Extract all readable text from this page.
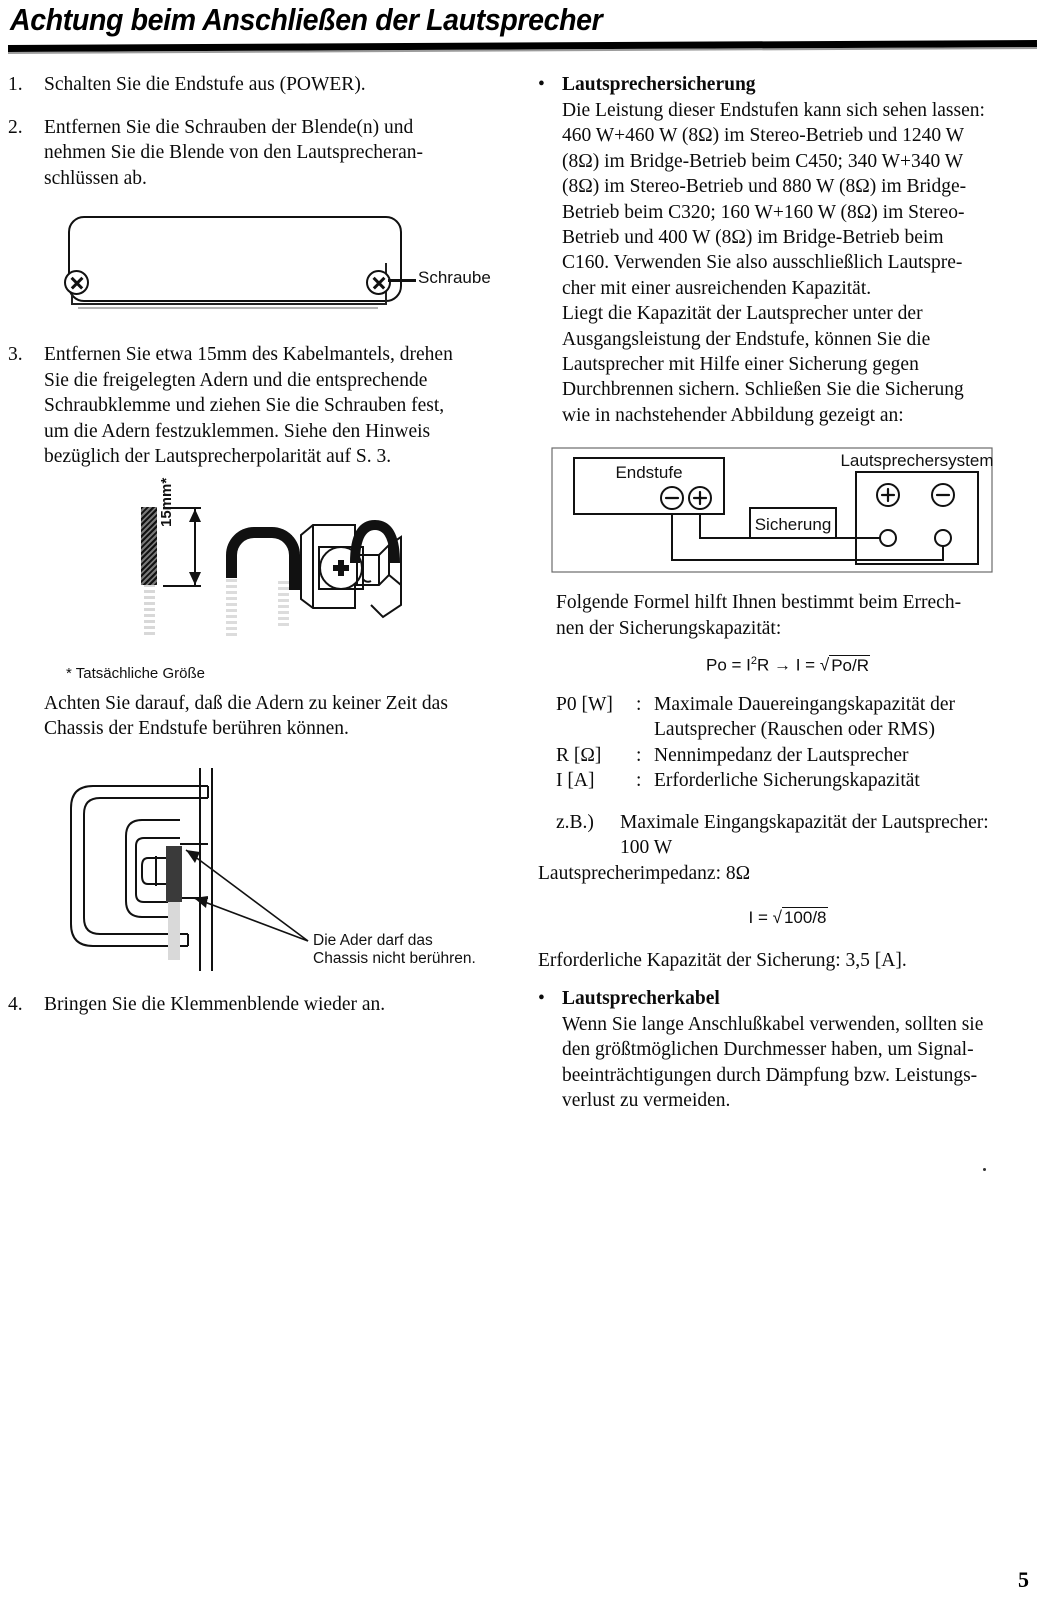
Achtung beim Anschließen der Lautsprecher
1.	Schalten Sie die Endstufe aus (POWER).
2.	Entfernen Sie die Schrauben der Blende(n) und
nehmen Sie die Blende von den Lautsprecheran-
schlüssen ab.
Schraube
3.	Entfernen Sie etwa 15mm des Kabelmantels, drehen
Sie die freigelegten Adern und die entsprechende
Schraubklemme und ziehen Sie die Schrauben fest,
um die Adern festzuklemmen. Siehe den Hinweis
bezüglich der Lautsprecherpolarität auf S. 3.
15mm*
* Tatsächliche Größe
Achten Sie darauf, daß die Adern zu keiner Zeit das
Chassis der Endstufe berühren können.
Die Ader darf das
Chassis nicht berühren.
4.	Bringen Sie die Klemmenblende wieder an.
• Lautsprechersicherung
Die Leistung dieser Endstufen kann sich sehen lassen:
460 W+460 W (8Ω) im Stereo-Betrieb und 1240 W
(8Ω) im Bridge-Betrieb beim C450; 340 W+340 W
(8Ω) im Stereo-Betrieb und 880 W (8Ω) im Bridge-
Betrieb beim C320; 160 W+160 W (8Ω) im Stereo-
Betrieb und 400 W (8Ω) im Bridge-Betrieb beim
C160. Verwenden Sie also ausschließlich Lautspre-
cher mit einer ausreichenden Kapazität.
Liegt die Kapazität der Lautsprecher unter der
Ausgangsleistung der Endstufe, können Sie die
Lautsprecher mit Hilfe einer Sicherung gegen
Durchbrennen sichern. Schließen Sie die Sicherung
wie in nachstehender Abbildung gezeigt an:
Endstufe
Sicherung
Lautsprechersystem
Folgende Formel hilft Ihnen bestimmt beim Errech-
nen der Sicherungskapazität:
$Po = I^2R \to I$ = √ Po/R
P0 [W]	: Maximale Dauereingangskapazität der
Lautsprecher (Rauschen oder RMS)
R [Ω]	: Nennimpedanz der Lautsprecher
I [A]	: Erforderliche Sicherungskapazität
z.B.)	Maximale Eingangskapazität der Lautsprecher:
100 W
Lautsprecherimpedanz: 8Ω
I = √ 100/8
Erforderliche Kapazität der Sicherung: 3,5 [A].
• Lautsprecherkabel
Wenn Sie lange Anschlußkabel verwenden, sollten sie
den größtmöglichen Durchmesser haben, um Signal-
beeinträchtigungen durch Dämpfung bzw. Leistungs-
verlust zu vermeiden.
5
